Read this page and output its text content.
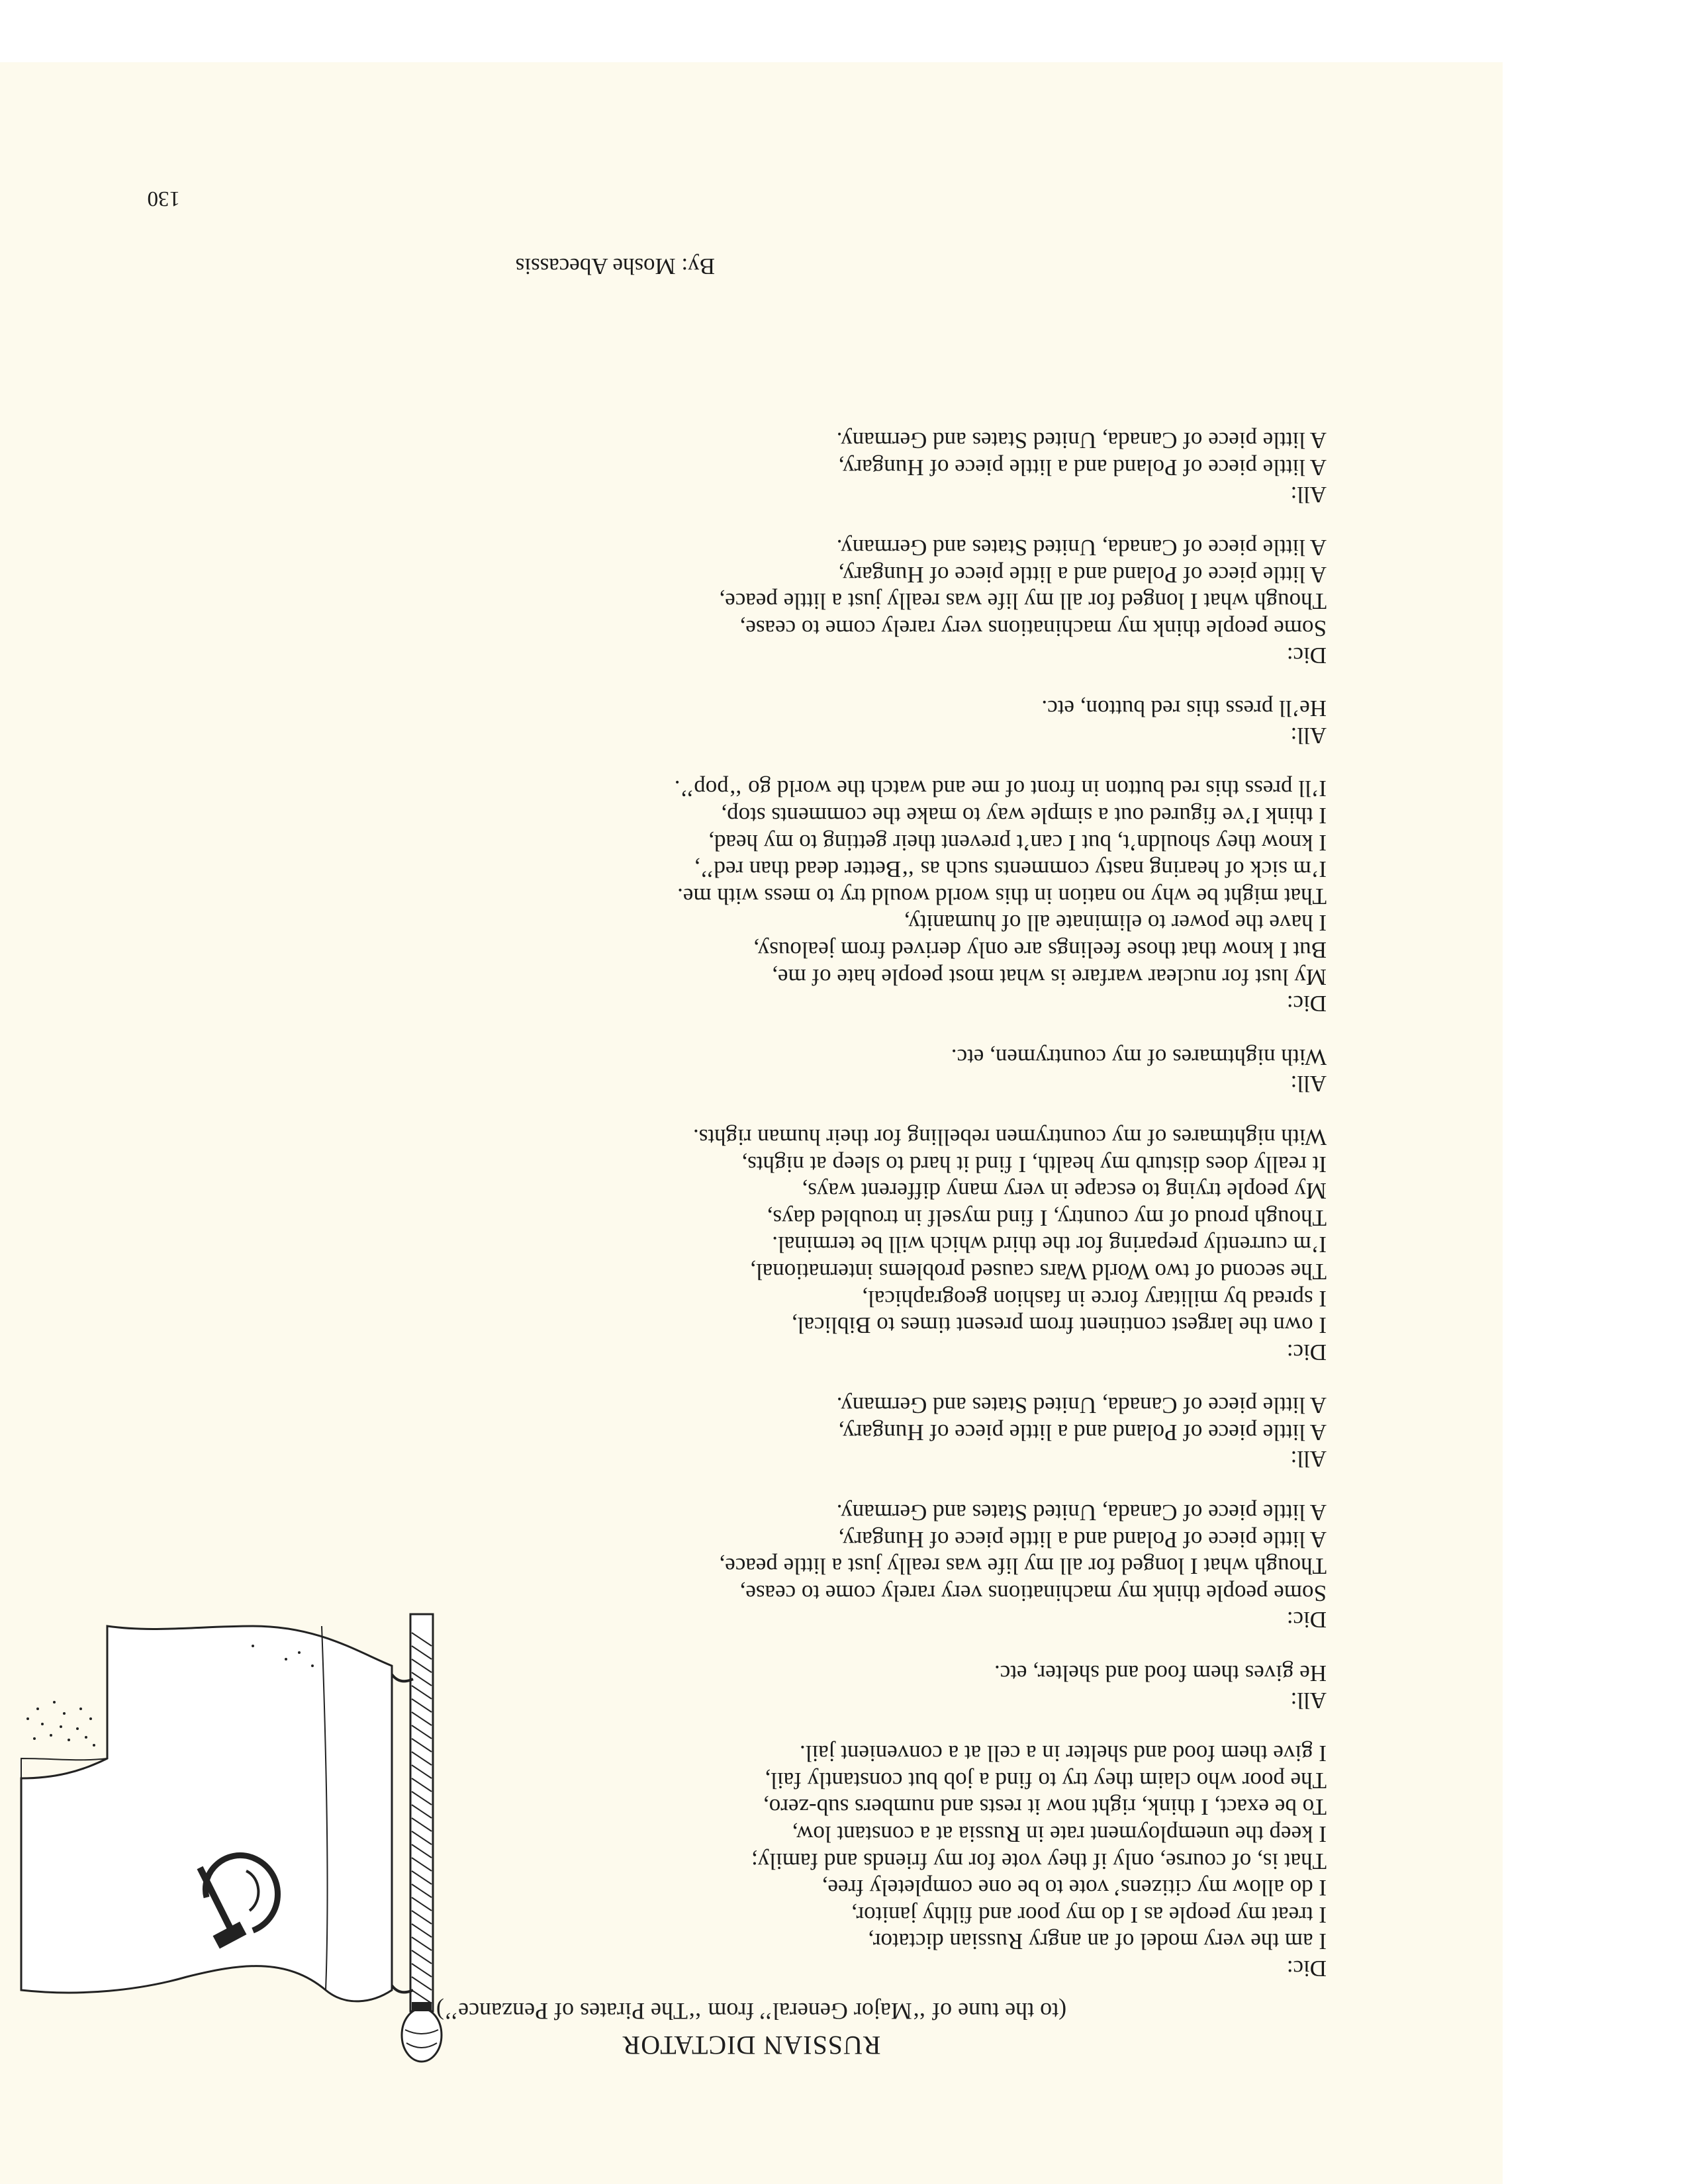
RUSSIAN DICTATOR
(to the tune of ‘‘Major General’’ from ‘‘The Pirates of Penzance’’)
Dic:
I am the very model of an angry Russian dictator,
I treat my people as I do my poor and filthy janitor,
I do allow my citizens’ vote to be one completely free,
That is, of course, only if they vote for my friends and family;
I keep the unemployment rate in Russia at a constant low,
To be exact, I think, right now it rests and numbers sub-zero,
The poor who claim they try to find a job but constantly fail,
I give them food and shelter in a cell at a convenient jail.
All:
He gives them food and shelter, etc.
Dic:
Some people think my machinations very rarely come to cease,
Though what I longed for all my life was really just a little peace,
A little piece of Poland and a little piece of Hungary,
A little piece of Canada, United States and Germany.
All:
A little piece of Poland and a little piece of Hungary,
A little piece of Canada, United States and Germany.
Dic:
I own the largest continent from present times to Biblical,
I spread by military force in fashion geographical,
The second of two World Wars caused problems international,
I’m currently preparing for the third which will be terminal.
Though proud of my country, I find myself in troubled days,
My people trying to escape in very many different ways,
It really does disturb my health, I find it hard to sleep at nights,
With nightmares of my countrymen rebelling for their human rights.
All:
With nightmares of my countrymen, etc.
Dic:
My lust for nuclear warfare is what most people hate of me,
But I know that those feelings are only derived from jealousy,
I have the power to eliminate all of humanity,
That might be why no nation in this world would try to mess with me.
I’m sick of hearing nasty comments such as ‘‘Better dead than red’’,
I know they shouldn’t, but I can’t prevent their getting to my head,
I think I’ve figured out a simple way to make the comments stop,
I’ll press this red button in front of me and watch the world go ‘‘pop’’.
All:
He’ll press this red button, etc.
Dic:
Some people think my machinations very rarely come to cease,
Though what I longed for all my life was really just a little peace,
A little piece of Poland and a little piece of Hungary,
A little piece of Canada, United States and Germany.
All:
A little piece of Poland and a little piece of Hungary,
A little piece of Canada, United States and Germany.
By: Moshe Abecassis
130
